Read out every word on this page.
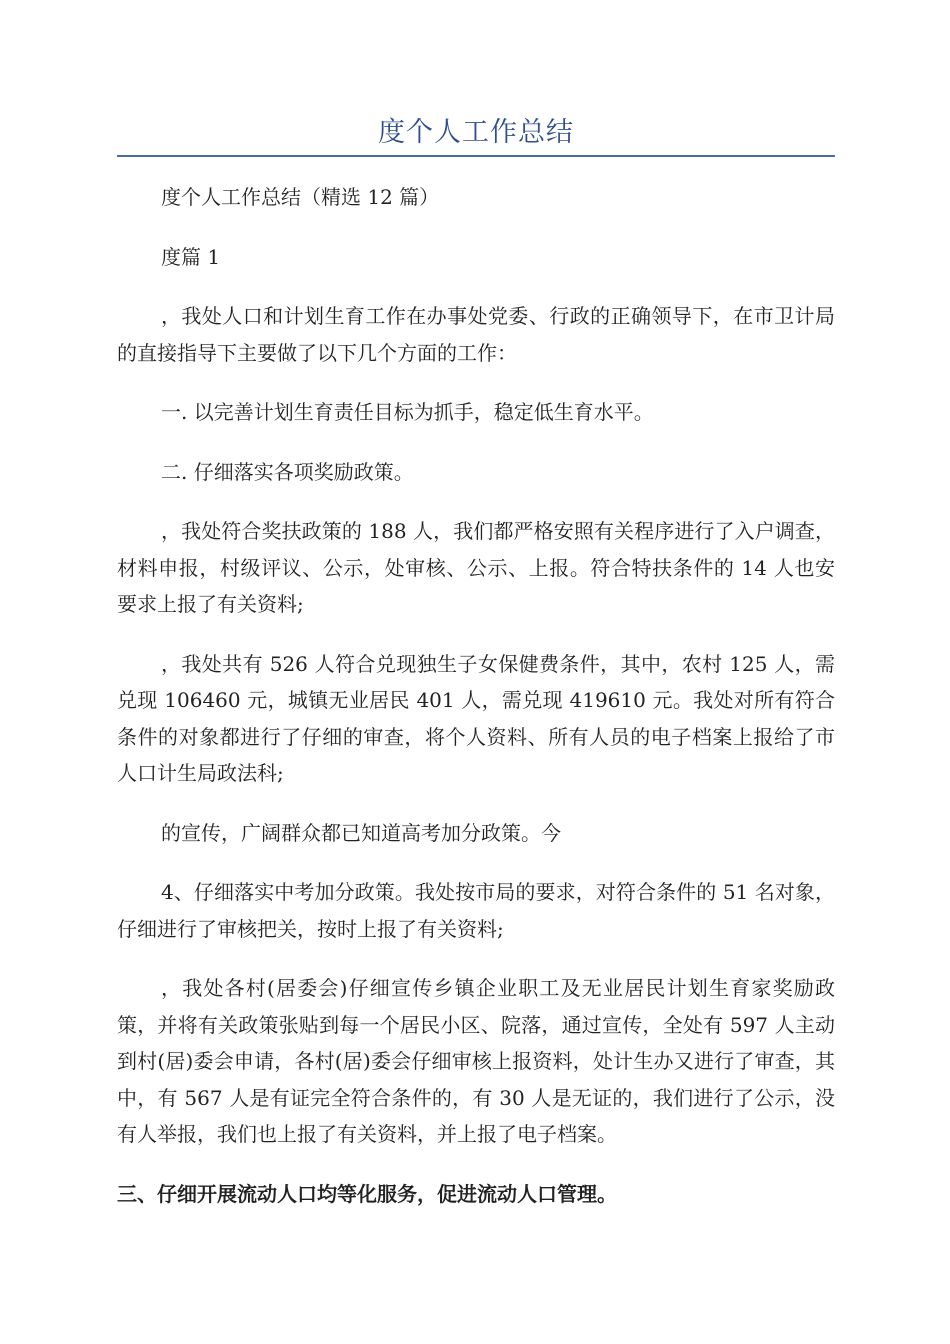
度个人工作总结

度个人工作总结（精选 12 篇）

度篇 1

，我处人口和计划生育工作在办事处党委、行政的正确领导下，在市卫计局的直接指导下主要做了以下几个方面的工作：

一. 以完善计划生育责任目标为抓手，稳定低生育水平。

二. 仔细落实各项奖励政策。

，我处符合奖扶政策的 188 人，我们都严格安照有关程序进行了入户调查，材料申报，村级评议、公示，处审核、公示、上报。符合特扶条件的 14 人也安要求上报了有关资料;

，我处共有 526 人符合兑现独生子女保健费条件，其中，农村 125 人，需兑现 106460 元，城镇无业居民 401 人，需兑现 419610 元。我处对所有符合条件的对象都进行了仔细的审查，将个人资料、所有人员的电子档案上报给了市人口计生局政法科;

的宣传，广阔群众都已知道高考加分政策。今

4、仔细落实中考加分政策。我处按市局的要求，对符合条件的 51 名对象，仔细进行了审核把关，按时上报了有关资料;

，我处各村(居委会)仔细宣传乡镇企业职工及无业居民计划生育家奖励政策，并将有关政策张贴到每一个居民小区、院落，通过宣传，全处有 597 人主动到村(居)委会申请，各村(居)委会仔细审核上报资料，处计生办又进行了审查，其中，有 567 人是有证完全符合条件的，有 30 人是无证的，我们进行了公示，没有人举报，我们也上报了有关资料，并上报了电子档案。

三、仔细开展流动人口均等化服务，促进流动人口管理。
